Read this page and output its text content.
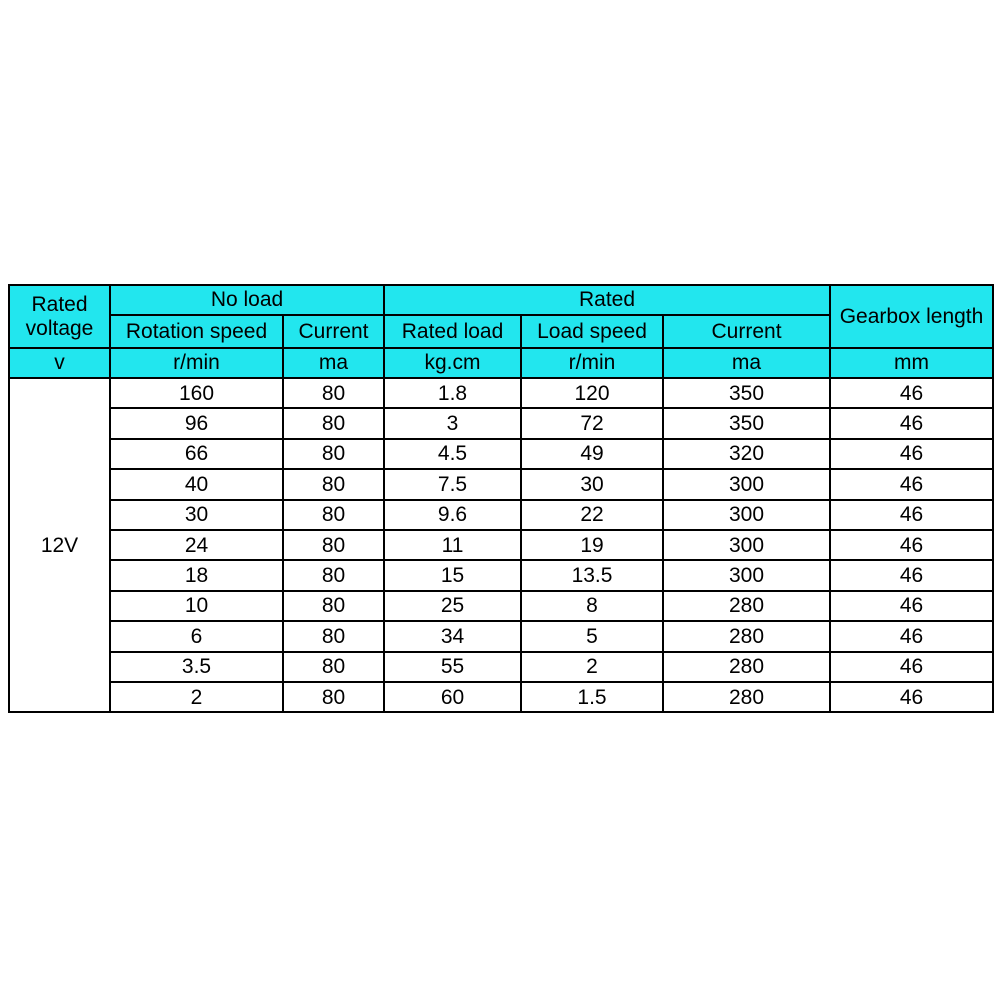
Rated
voltage	No load		Rated			Gearbox length
	Rotation speed	Current	Rated load	Load speed	Current	
v	r/min	ma	kg.cm	r/min	ma	mm
12V	160	80	1.8	120	350	46
	96	80	3	72	350	46
	66	80	4.5	49	320	46
	40	80	7.5	30	300	46
	30	80	9.6	22	300	46
	24	80	11	19	300	46
	18	80	15	13.5	300	46
	10	80	25	8	280	46
	6	80	34	5	280	46
	3.5	80	55	2	280	46
	2	80	60	1.5	280	46
